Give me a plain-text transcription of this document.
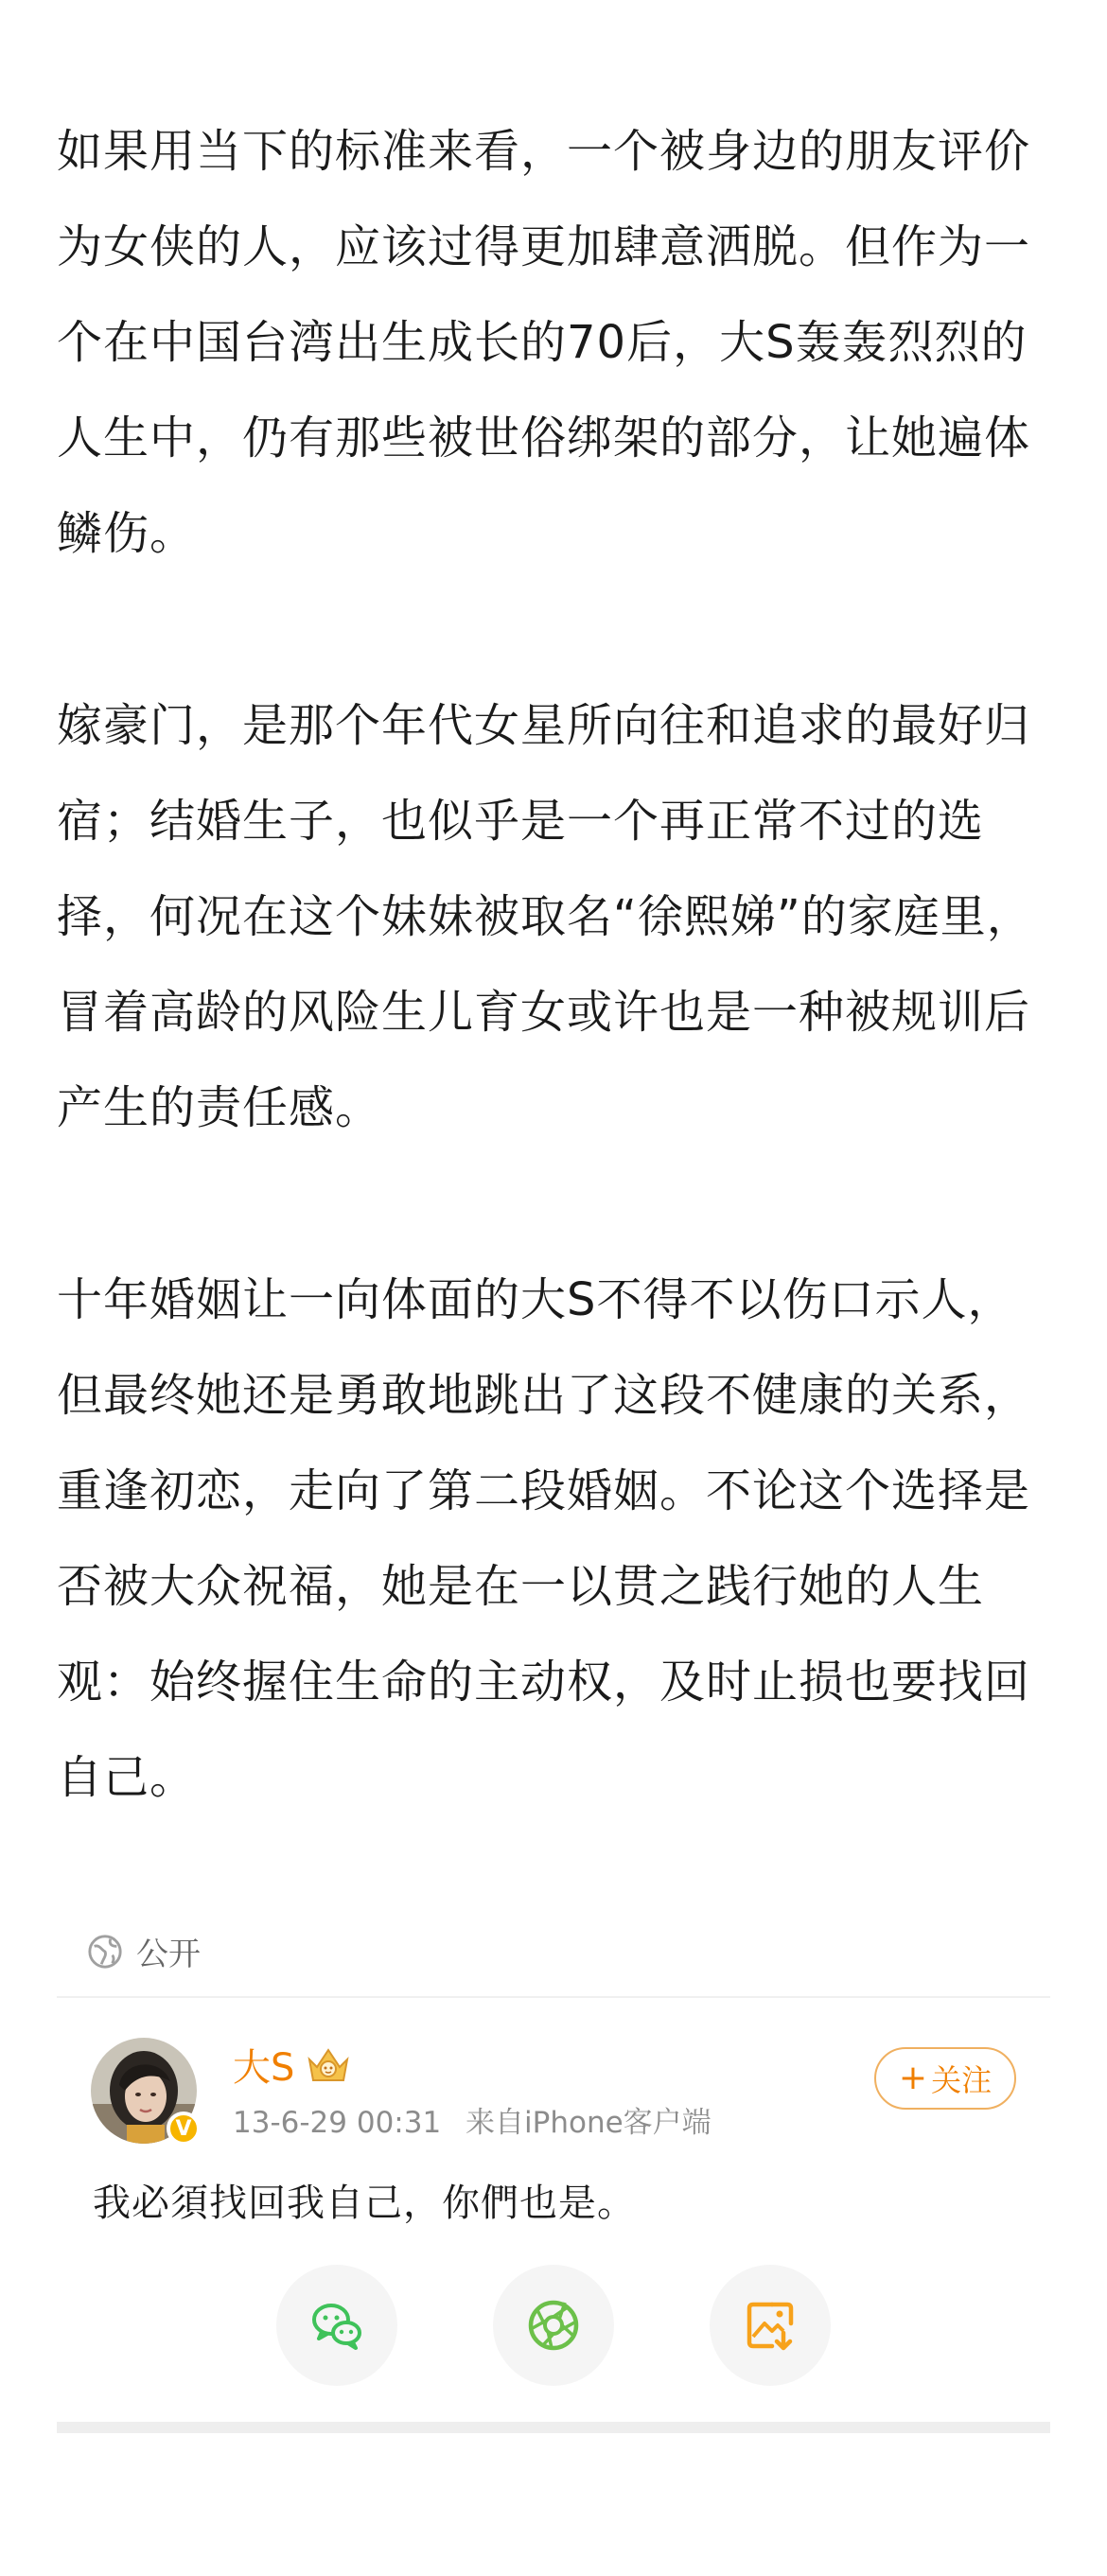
如果用当下的标准来看，一个被身边的朋友评价为女侠的人，应该过得更加肆意洒脱。但作为一个在中国台湾出生成长的70后，大S轰轰烈烈的人生中，仍有那些被世俗绑架的部分，让她遍体鳞伤。

嫁豪门，是那个年代女星所向往和追求的最好归宿；结婚生子，也似乎是一个再正常不过的选择，何况在这个妹妹被取名“徐熙娣”的家庭里，冒着高龄的风险生儿育女或许也是一种被规训后产生的责任感。

十年婚姻让一向体面的大S不得不以伤口示人，但最终她还是勇敢地跳出了这段不健康的关系，重逢初恋，走向了第二段婚姻。不论这个选择是否被大众祝福，她是在一以贯之践行她的人生观：始终握住生命的主动权，及时止损也要找回自己。

公开
V
大S
13-6-29 00:31 来自iPhone客户端
+ 关注
我必須找回我自己，你們也是。
